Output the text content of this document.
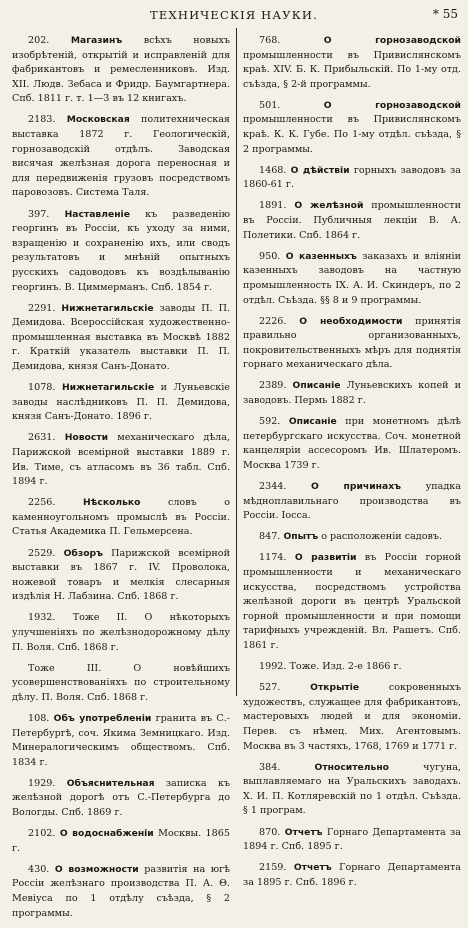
ТЕХНИЧЕСКІЯ НАУКИ.	* 55

202. Магазинъ всѣхъ новыхъ изобрѣтеній, открытій и исправленій для фабрикантовъ и ремесленниковъ. Изд. XII. Людв. Зебаса и Фридр. Баумгартнера. Спб. 1811 г. т. 1—3 въ 12 книгахъ.

2183. Московская политехническая выставка 1872 г. Геологическій, горнозаводскій отдѣлъ. Заводская висячая желѣзная дорога переносная и для передвиженія грузовъ посредствомъ паровозовъ. Система Таля.

397. Наставленіе къ разведенію георгинъ въ Россіи, къ уходу за ними, взращенію и сохраненію ихъ, или сводъ результатовъ и мнѣній опытныхъ русскихъ садоводовъ къ воздѣлыванію георгинъ. В. Циммерманъ. Спб. 1854 г.

2291. Нижнетагильскіе заводы П. П. Демидова. Всероссійская художественно-промышленная выставка въ Москвѣ 1882 г. Краткій указатель выставки П. П. Демидова, князя Санъ-Донато.

1078. Нижнетагильскіе и Луньевскіе заводы наслѣдниковъ П. П. Демидова, князя Санъ-Донато. 1896 г.

2631. Новости механическаго дѣла, Парижской всемірной выставки 1889 г. Ив. Тиме, съ атласомъ въ 36 табл. Спб. 1894 г.

2256.	Нѣсколько	словъ о каменноугольномъ промыслѣ въ Россіи. Статья Академика П. Гельмерсена.

2529. Обзоръ Парижской всемірной выставки въ 1867 г. IV. Проволока, ножевой товаръ и мелкія слесарныя издѣлія Н. Лабзина. Спб. 1868 г.

1932. Тоже II. О нѣкоторыхъ улучшеніяхъ по желѣзнодорожному дѣлу П. Воля. Спб. 1868 г.

Тоже III. О новѣйшихъ усовершенствованіяхъ по строительному дѣлу. П. Воля. Спб. 1868 г.

108. Объ употребленіи гранита въ С.-Петербургѣ, соч. Якима Земницкаго. Изд. Минералогическимъ обществомъ. Спб. 1834 г.

1929. Объяснительная записка къ желѣзной дорогѣ отъ С.-Петербурга до Вологды. Спб. 1869 г.

2102. О водоснабженіи Москвы. 1865 г.

430. О возможности развитія на югѣ Россіи желѣзнаго производства П. А. Θ. Мевіуса по 1 отдѣлу съѣзда, § 2 программы.

768.	О горнозаводской промышленности въ Привислянскомъ краѣ. XIV. Б. К. Прибыльскій. По 1-му отд. съѣзда, § 2-й программы.

501.	О горнозаводской промышленности въ Привислянскомъ краѣ. К. К. Губе. По 1-му отдѣл. съѣзда, § 2 программы.

1468. О дѣйствіи горныхъ заводовъ за 1860-61 г.

1891. О желѣзной промышленности въ Россіи. Публичныя лекціи В. А. Полетики. Спб. 1864 г.

950. О казенныхъ заказахъ и вліяніи казенныхъ заводовъ на частную промышленность IX. А. И. Скиндеръ, по 2 отдѣл. Съѣзда. §§ 8 и 9 программы.

2226. О необходимости принятія правильно организованныхъ, покровительственныхъ мѣръ для поднятія горнаго механическаго дѣла.

2389. Описаніе Луньевскихъ копей и заводовъ. Пермь 1882 г.

592. Описаніе при монетномъ дѣлѣ петербургскаго искусства. Соч. монетной канцеляріи ассесоромъ Ив. Шлатеромъ. Москва 1739 г.

2344.	О причинахъ	упадка мѣдноплавильнаго производства въ Россіи. Іосса.

847. Опытъ о расположеніи садовъ.

1174. О развитіи въ Россіи горной промышленности и механическаго искусства, посредствомъ устройства желѣзной дороги въ центрѣ Уральской горной промышленности и при помощи тарифныхъ учрежденій. Вл. Рашетъ. Спб. 1861 г.

1992. Тоже. Изд. 2-е 1866 г.

527.	Открытіе	сокровенныхъ художествъ, служащее для фабрикантовъ, мастеровыхъ людей и для экономіи. Перев. съ нѣмец. Мих. Агентовымъ. Москва въ 3 частяхъ, 1768, 1769 и 1771 г.

384.	Относительно	чугуна, выплавляемаго на Уральскихъ заводахъ. Х. И. П. Котляревскій по 1 отдѣл. Съѣзда. § 1 програм.

870. Отчетъ Горнаго Департамента за 1894 г. Спб. 1895 г.

2159. Отчетъ Горнаго Департамента за 1895 г. Спб. 1896 г.
